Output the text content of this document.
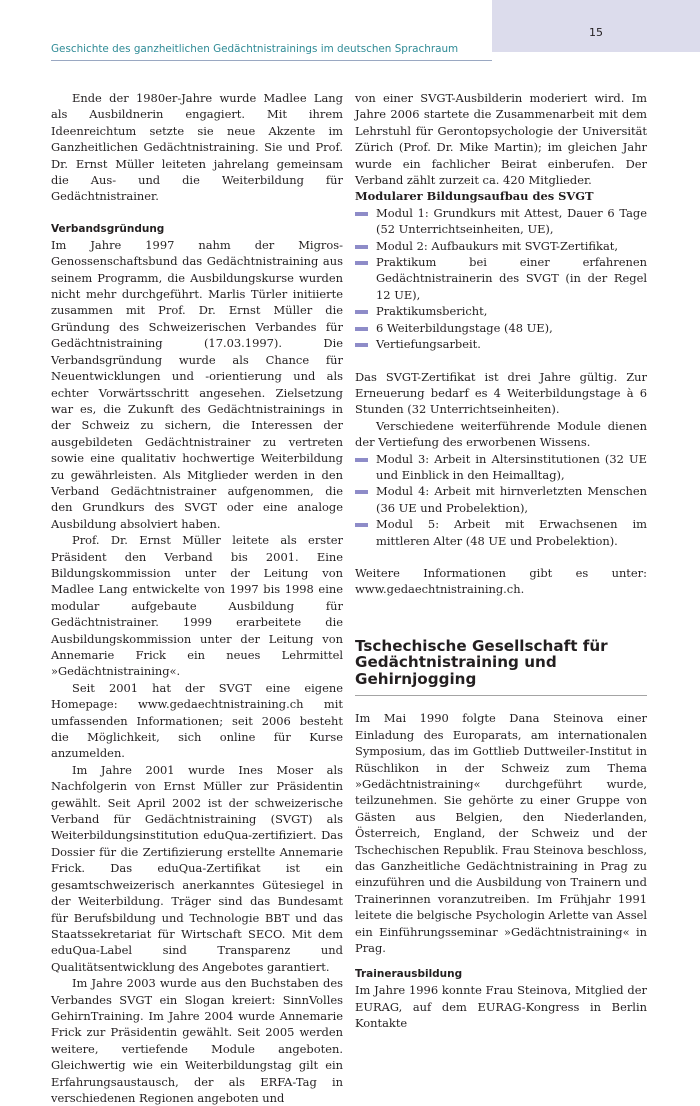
15
Geschichte des ganzheitlichen Gedächtnistrainings im deutschen Sprachraum

Ende der 1980er-Jahre wurde Madlee Lang als Ausbildnerin engagiert. Mit ihrem Ideenreichtum setzte sie neue Akzente im Ganzheitlichen Gedächtnistraining. Sie und Prof. Dr. Ernst Müller leiteten jahrelang gemeinsam die Aus- und die Weiterbildung für Gedächtnistrainer.

Verbandsgründung

Im Jahre 1997 nahm der Migros-Genossenschaftsbund das Gedächtnistraining aus seinem Programm, die Ausbildungskurse wurden nicht mehr durchgeführt. Marlis Türler initiierte zusammen mit Prof. Dr. Ernst Müller die Gründung des Schweizerischen Verbandes für Gedächtnistraining (17.03.1997). Die Verbandsgründung wurde als Chance für Neuentwicklungen und -orientierung und als echter Vorwärtsschritt angesehen. Zielsetzung war es, die Zukunft des Gedächtnistrainings in der Schweiz zu sichern, die Interessen der ausgebildeten Gedächtnistrainer zu vertreten sowie eine qualitativ hochwertige Weiterbildung zu gewährleisten. Als Mitglieder werden in den Verband Gedächtnistrainer aufgenommen, die den Grundkurs des SVGT oder eine analoge Ausbildung absolviert haben.

Prof. Dr. Ernst Müller leitete als erster Präsident den Verband bis 2001. Eine Bildungskommission unter der Leitung von Madlee Lang entwickelte von 1997 bis 1998 eine modular aufgebaute Ausbildung für Gedächtnistrainer. 1999 erarbeitete die Ausbildungskommission unter der Leitung von Annemarie Frick ein neues Lehrmittel »Gedächtnistraining«.

Seit 2001 hat der SVGT eine eigene Homepage: www.gedaechtnistraining.ch mit umfassenden Informationen; seit 2006 besteht die Möglichkeit, sich online für Kurse anzumelden.

Im Jahre 2001 wurde Ines Moser als Nachfolgerin von Ernst Müller zur Präsidentin gewählt. Seit April 2002 ist der schweizerische Verband für Gedächtnistraining (SVGT) als Weiterbildungsinstitution eduQua-zertifiziert. Das Dossier für die Zertifizierung erstellte Annemarie Frick. Das eduQua-Zertifikat ist ein gesamtschweizerisch anerkanntes Gütesiegel in der Weiterbildung. Träger sind das Bundesamt für Berufsbildung und Technologie BBT und das Staatssekretariat für Wirtschaft SECO. Mit dem eduQua-Label sind Transparenz und Qualitätsentwicklung des Angebotes garantiert.

Im Jahre 2003 wurde aus den Buchstaben des Verbandes SVGT ein Slogan kreiert: SinnVolles GehirnTraining. Im Jahre 2004 wurde Annemarie Frick zur Präsidentin gewählt. Seit 2005 werden weitere, vertiefende Module angeboten. Gleichwertig wie ein Weiterbildungstag gilt ein Erfahrungsaustausch, der als ERFA-Tag in verschiedenen Regionen angeboten und

von einer SVGT-Ausbilderin moderiert wird. Im Jahre 2006 startete die Zusammenarbeit mit dem Lehrstuhl für Gerontopsychologie der Universität Zürich (Prof. Dr. Mike Martin); im gleichen Jahr wurde ein fachlicher Beirat einberufen. Der Verband zählt zurzeit ca. 420 Mitglieder.

Modularer Bildungsaufbau des SVGT

Modul 1: Grundkurs mit Attest, Dauer 6 Tage (52 Unterrichtseinheiten, UE),
Modul 2: Aufbaukurs mit SVGT-Zertifikat,
Praktikum bei einer erfahrenen Gedächtnistrainerin des SVGT (in der Regel 12 UE),
Praktikumsbericht,
6 Weiterbildungstage (48 UE),
Vertiefungsarbeit.

Das SVGT-Zertifikat ist drei Jahre gültig. Zur Erneuerung bedarf es 4 Weiterbildungstage à 6 Stunden (32 Unterrichtseinheiten).

Verschiedene weiterführende Module dienen der Vertiefung des erworbenen Wissens.

Modul 3: Arbeit in Altersinstitutionen (32 UE und Einblick in den Heimalltag),
Modul 4: Arbeit mit hirnverletzten Menschen (36 UE und Probelektion),
Modul 5: Arbeit mit Erwachsenen im mittleren Alter (48 UE und Probelektion).

Weitere Informationen gibt es unter: www.gedaechtnistraining.ch.

Tschechische Gesellschaft für Gedächtnistraining und Gehirnjogging

Im Mai 1990 folgte Dana Steinova einer Einladung des Europarats, am internationalen Symposium, das im Gottlieb Duttweiler-Institut in Rüschlikon in der Schweiz zum Thema »Gedächtnistraining« durchgeführt wurde, teilzunehmen. Sie gehörte zu einer Gruppe von Gästen aus Belgien, den Niederlanden, Österreich, England, der Schweiz und der Tschechischen Republik. Frau Steinova beschloss, das Ganzheitliche Gedächtnistraining in Prag zu einzuführen und die Ausbildung von Trainern und Trainerinnen voranzutreiben. Im Frühjahr 1991 leitete die belgische Psychologin Arlette van Assel ein Einführungsseminar »Gedächtnistraining« in Prag.

Trainerausbildung

Im Jahre 1996 konnte Frau Steinova, Mitglied der EURAG, auf dem EURAG-Kongress in Berlin Kontakte
